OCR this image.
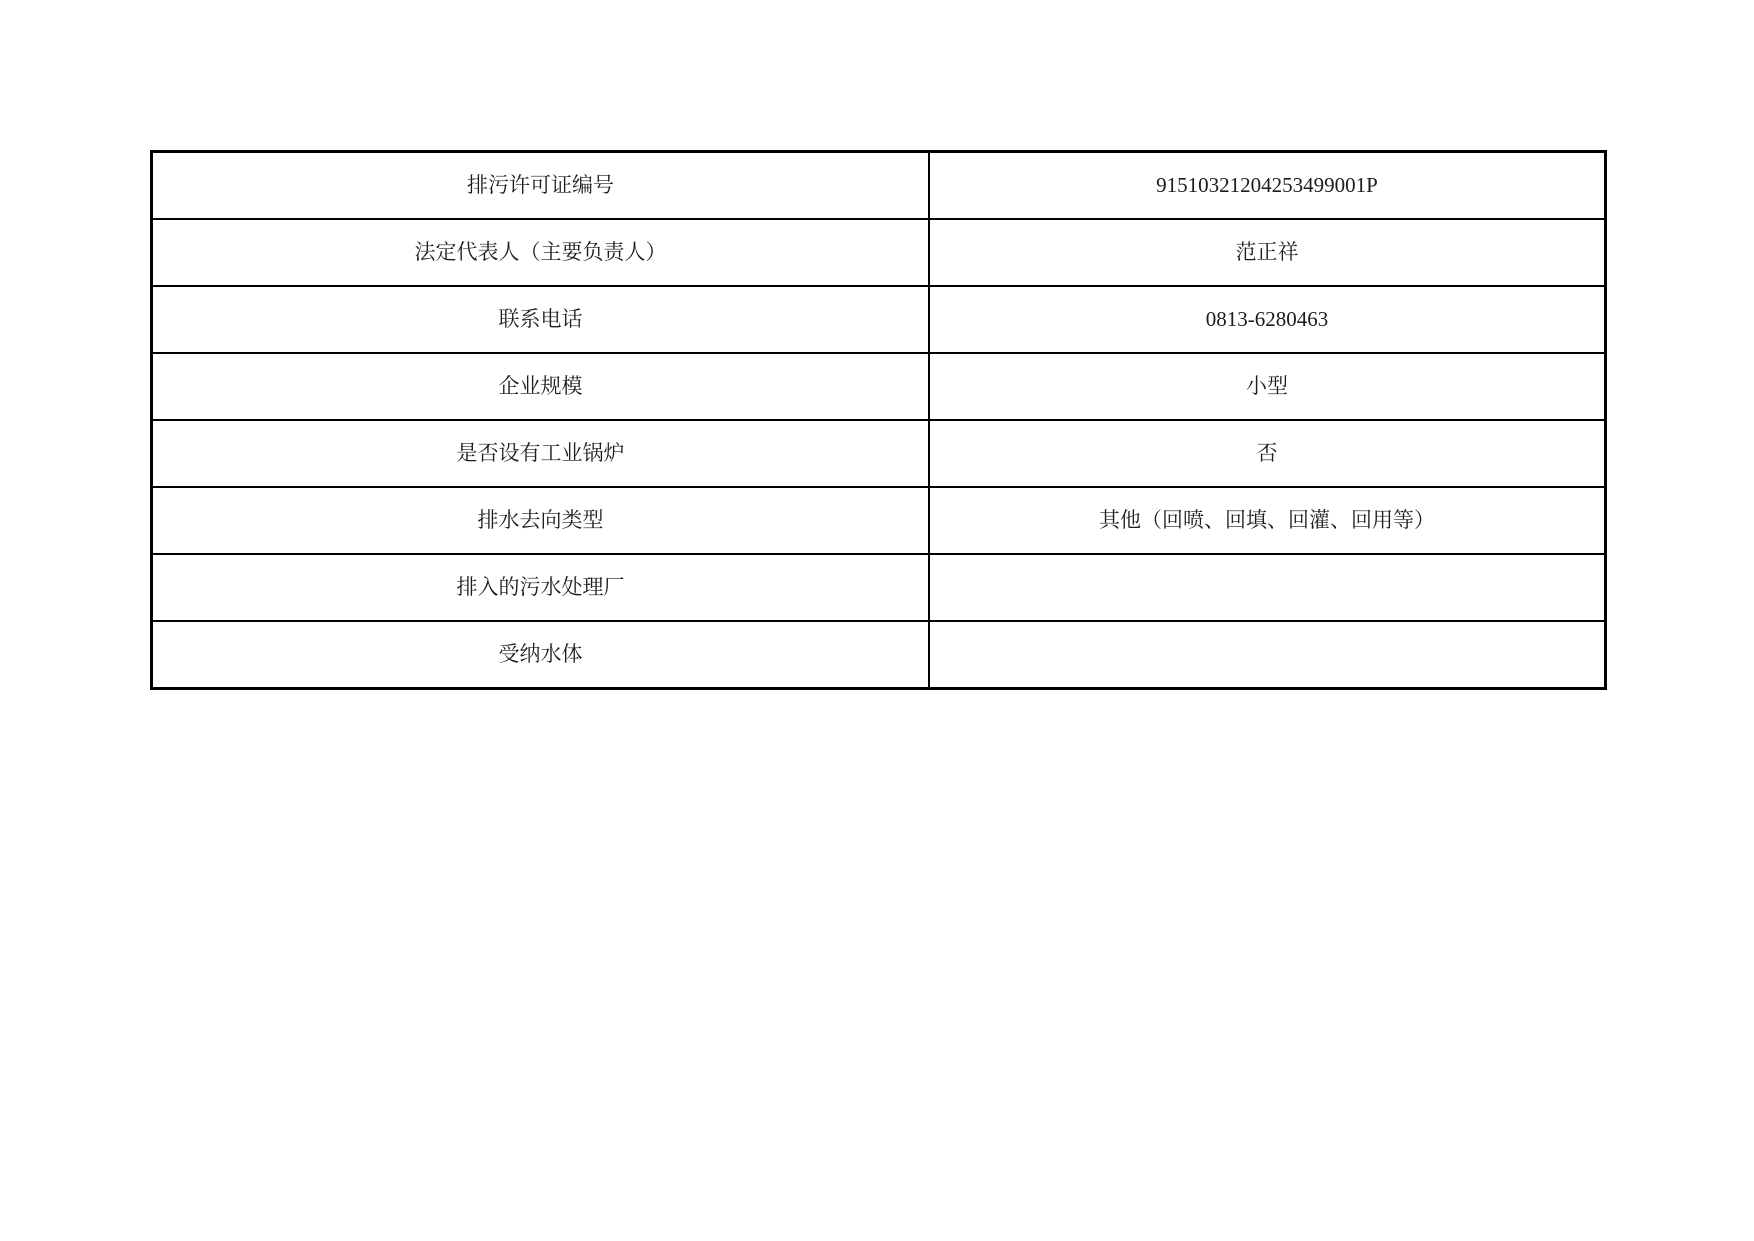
排污许可证编号	91510321204253499001P
法定代表人（主要负责人）	范正祥
联系电话	0813-6280463
企业规模	小型
是否设有工业锅炉	否
排水去向类型	其他（回喷、回填、回灌、回用等）
排入的污水处理厂	
受纳水体	
